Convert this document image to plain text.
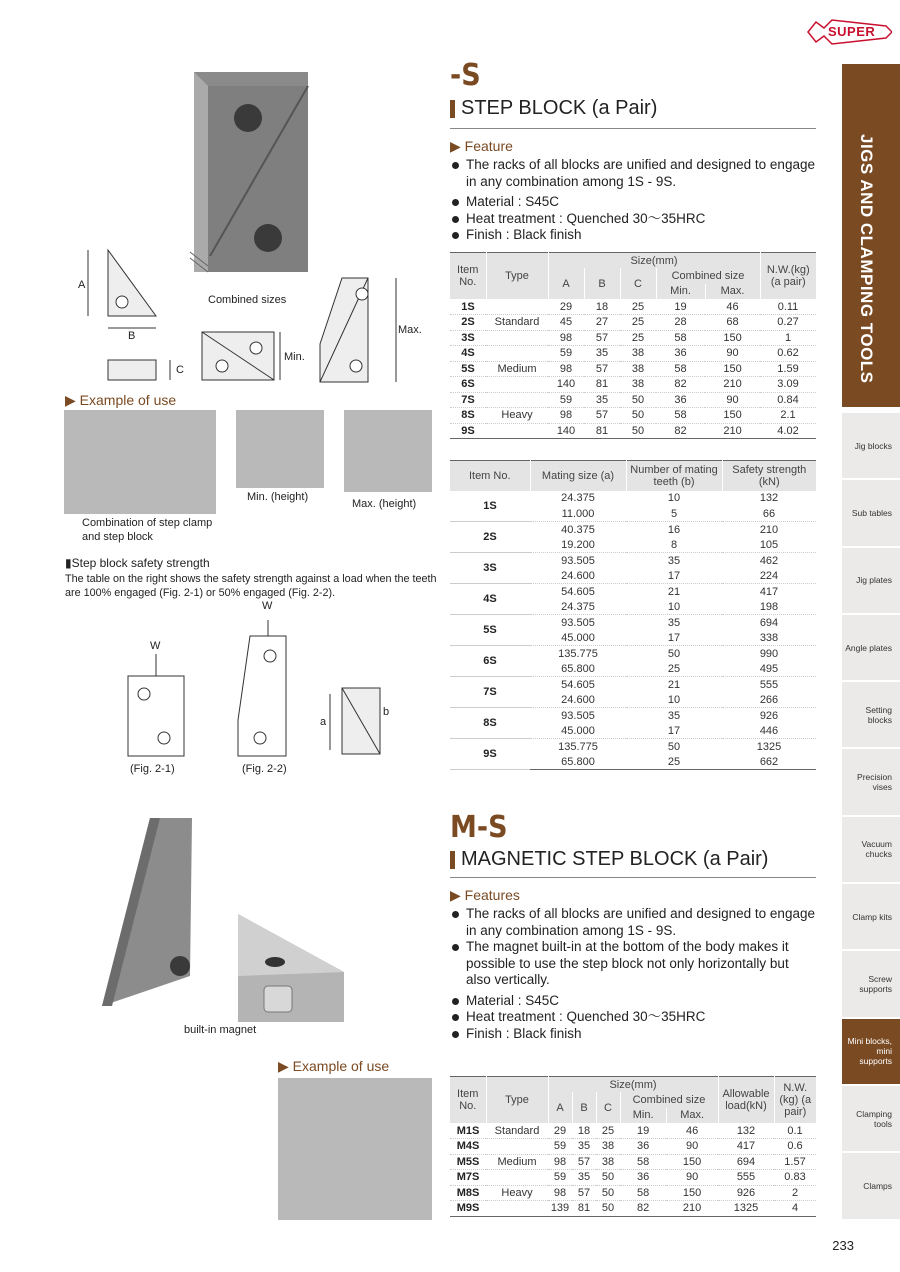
SUPER
JIGS AND CLAMPING TOOLS
Jig blocks
Sub tables
Jig plates
Angle plates
Setting blocks
Precision vises
Vacuum chucks
Clamp kits
Screw supports
Mini blocks, mini supports
Clamping tools
Clamps
-S
STEP BLOCK (a Pair)
▶ Feature
The racks of all blocks are unified and designed to engage in any combination among 1S - 9S.
Material : S45C
Heat treatment : Quenched 30～35HRC
Finish : Black finish
Item No.	Type	Size(mm)					N.W.(kg) (a pair)
		A	B	C	Combined size		
					Min.	Max.	
1S		29	18	25	19	46	0.11
2S	Standard	45	27	25	28	68	0.27
3S		98	57	25	58	150	1
4S		59	35	38	36	90	0.62
5S	Medium	98	57	38	58	150	1.59
6S		140	81	38	82	210	3.09
7S		59	35	50	36	90	0.84
8S	Heavy	98	57	50	58	150	2.1
9S		140	81	50	82	210	4.02
Item No.	Mating size (a)	Number of mating teeth (b)	Safety strength (kN)
1S	24.375	10	132
	11.000	5	66
2S	40.375	16	210
	19.200	8	105
3S	93.505	35	462
	24.600	17	224
4S	54.605	21	417
	24.375	10	198
5S	93.505	35	694
	45.000	17	338
6S	135.775	50	990
	65.800	25	495
7S	54.605	21	555
	24.600	10	266
8S	93.505	35	926
	45.000	17	446
9S	135.775	50	1325
	65.800	25	662
A
B
C
Combined sizes
Min.
Max.
▶ Example of use
Combination of step clamp and step block
Min. (height)
Max. (height)
▮Step block safety strength
The table on the right shows the safety strength against a load when the teeth are 100% engaged (Fig. 2-1) or 50% engaged (Fig. 2-2).
W
W
a
b
(Fig. 2-1)	(Fig. 2-2)
M-S
MAGNETIC STEP BLOCK (a Pair)
▶ Features
The racks of all blocks are unified and designed to engage in any combination among 1S - 9S.
The magnet built-in at the bottom of the body makes it possible to use the step block not only horizontally but also vertically.
Material : S45C
Heat treatment : Quenched 30～35HRC
Finish : Black finish
built-in magnet
▶ Example of use
Item No.	Type	Size(mm)					Allowable load(kN)	N.W. (kg) (a pair)
		A	B	C	Combined size			
					Min.	Max.		
M1S	Standard	29	18	25	19	46	132	0.1
M4S		59	35	38	36	90	417	0.6
M5S	Medium	98	57	38	58	150	694	1.57
M7S		59	35	50	36	90	555	0.83
M8S	Heavy	98	57	50	58	150	926	2
M9S		139	81	50	82	210	1325	4
233
